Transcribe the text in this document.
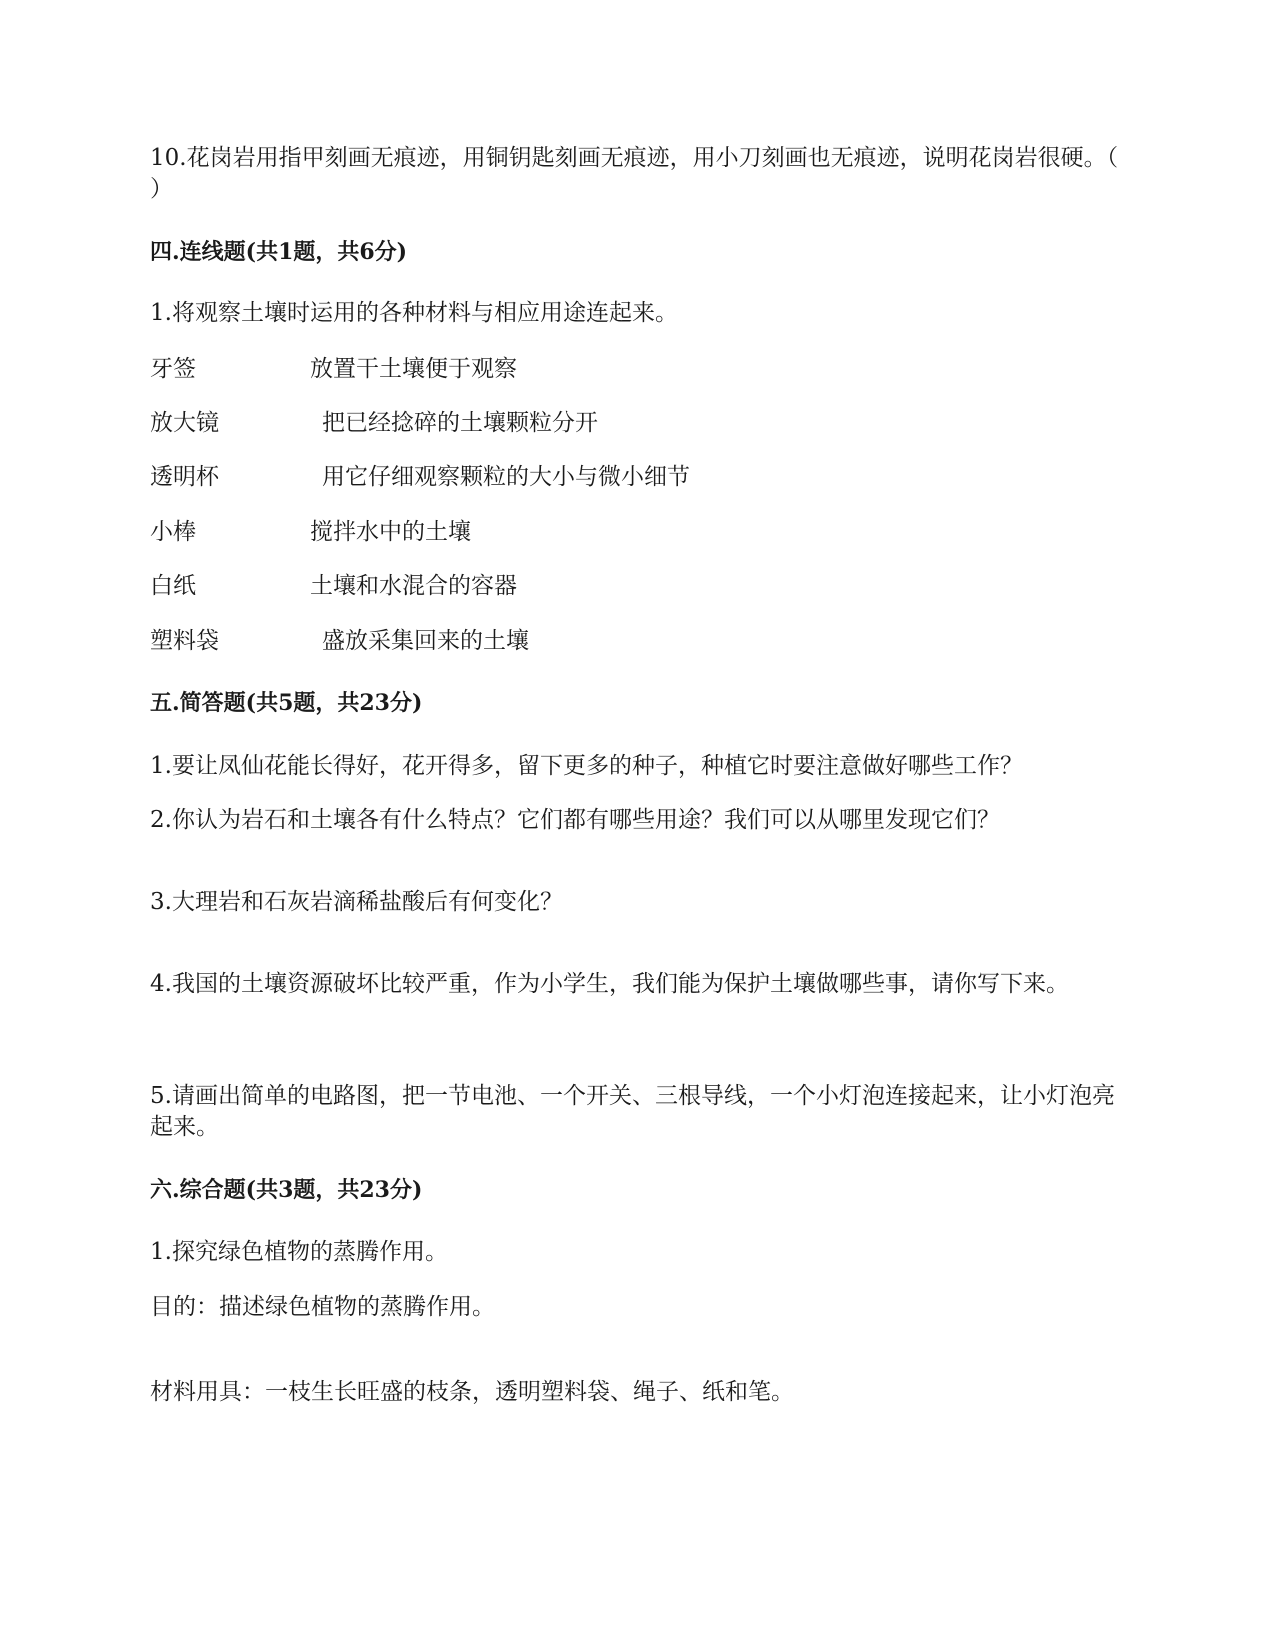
10.花岗岩用指甲刻画无痕迹，用铜钥匙刻画无痕迹，用小刀刻画也无痕迹，说明花岗岩很硬。（ ）
四.连线题(共1题，共6分)
1.将观察土壤时运用的各种材料与相应用途连起来。
牙签	放置干土壤便于观察
放大镜	把已经捻碎的土壤颗粒分开
透明杯	用它仔细观察颗粒的大小与微小细节
小棒	搅拌水中的土壤
白纸	土壤和水混合的容器
塑料袋	盛放采集回来的土壤
五.简答题(共5题，共23分)
1.要让凤仙花能长得好，花开得多，留下更多的种子，种植它时要注意做好哪些工作？
2.你认为岩石和土壤各有什么特点？它们都有哪些用途？我们可以从哪里发现它们？
3.大理岩和石灰岩滴稀盐酸后有何变化？
4.我国的土壤资源破坏比较严重，作为小学生，我们能为保护土壤做哪些事，请你写下来。
5.请画出简单的电路图，把一节电池、一个开关、三根导线，一个小灯泡连接起来，让小灯泡亮起来。
六.综合题(共3题，共23分)
1.探究绿色植物的蒸腾作用。
目的：描述绿色植物的蒸腾作用。
材料用具：一枝生长旺盛的枝条，透明塑料袋、绳子、纸和笔。
